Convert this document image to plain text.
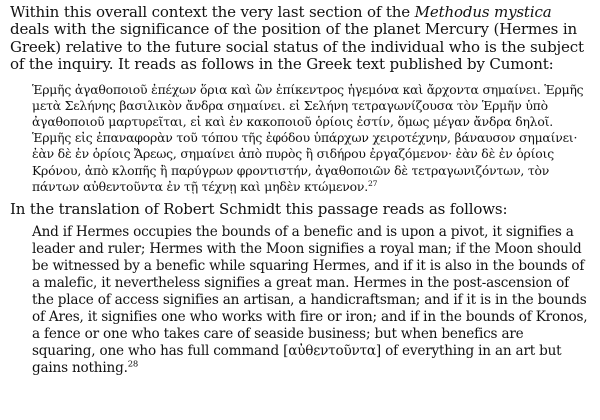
Within this overall context the very last section of the Methodus mystica deals with the significance of the position of the planet Mercury (Hermes in Greek) relative to the future social status of the individual who is the subject of the inquiry. It reads as follows in the Greek text published by Cumont:

Ἑρμῆς ἀγαθοποιοῦ ἐπέχων ὅρια καὶ ὢν ἐπίκεντρος ἡγεμόνα καὶ ἄρχοντα σημαίνει. Ἑρμῆς μετὰ Σελήνης βασιλικὸν ἄνδρα σημαίνει. εἰ Σελήνη τετραγωνίζουσα τὸν Ἑρμῆν ὑπὸ ἀγαθοποιοῦ μαρτυρεῖται, εἰ καὶ ἐν κακοποιοῦ ὁρίοις ἐστίν, ὅμως μέγαν ἄνδρα δηλοῖ. Ἑρμῆς εἰς ἐπαναφορὰν τοῦ τόπου τῆς ἐφόδου ὑπάρχων χειροτέχνην, βάναυσον σημαίνει· ἐὰν δὲ ἐν ὁρίοις Ἄρεως, σημαίνει ἀπὸ πυρὸς ἢ σιδήρου ἐργαζόμενον· ἐὰν δὲ ἐν ὁρίοις Κρόνου, ἀπὸ κλοπῆς ἢ παρύγρων φροντιστήν, ἀγαθοποιῶν δὲ τετραγωνιζόντων, τὸν πάντων αὐθεντοῦντα ἐν τῇ τέχνῃ καὶ μηδὲν κτώμενον.$^{27}$

In the translation of Robert Schmidt this passage reads as follows:

And if Hermes occupies the bounds of a benefic and is upon a pivot, it signifies a leader and ruler; Hermes with the Moon signifies a royal man; if the Moon should be witnessed by a benefic while squaring Hermes, and if it is also in the bounds of a malefic, it nevertheless signifies a great man. Hermes in the post-ascension of the place of access signifies an artisan, a handicraftsman; and if it is in the bounds of Ares, it signifies one who works with fire or iron; and if in the bounds of Kronos, a fence or one who takes care of seaside business; but when benefics are squaring, one who has full command [αὐθεντοῦντα] of everything in an art but gains nothing.$^{28}$
